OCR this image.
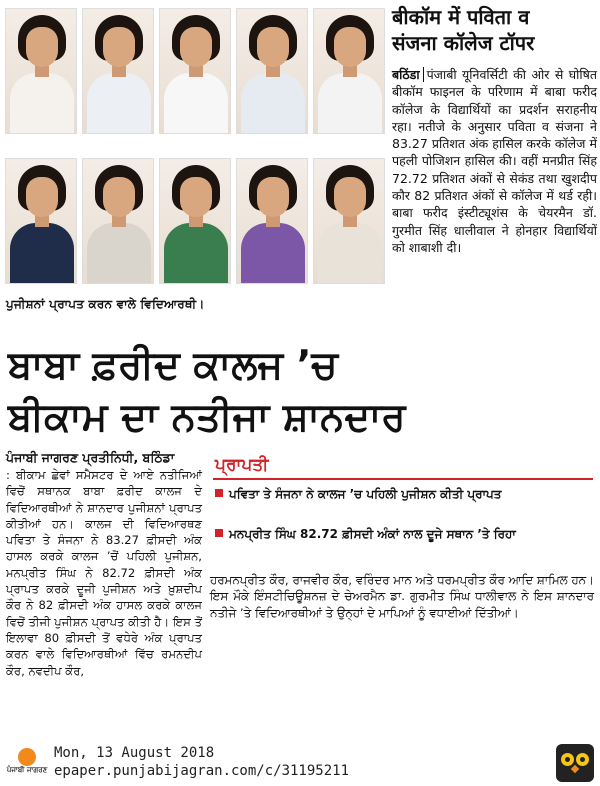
ਪੁਜੀਸ਼ਨਾਂ ਪ੍ਰਾਪਤ ਕਰਨ ਵਾਲੇ ਵਿਦਿਆਰਥੀ।
बीकॉम में पविता व
संजना कॉलेज टॉपर
बठिंडा पंजाबी यूनिवर्सिटी की ओर से घोषित बीकॉम फाइनल के परिणाम में बाबा फरीद कॉलेज के विद्यार्थियों का प्रदर्शन सराहनीय रहा। नतीजे के अनुसार पविता व संजना ने 83.27 प्रतिशत अंक हासिल करके कॉलेज में पहली पोजिशन हासिल की। वहीं मनप्रीत सिंह 72.72 प्रतिशत अंकों से सेकंड तथा खुशदीप कौर 82 प्रतिशत अंकों से कॉलेज में थर्ड रही। बाबा फरीद इंस्टीट्यूशंस के चेयरमैन डॉ. गुरमीत सिंह धालीवाल ने होनहार विद्यार्थियों को शाबाशी दी।
ਬਾਬਾ ਫ਼ਰੀਦ ਕਾਲਜ ’ਚ
ਬੀਕਾਮ ਦਾ ਨਤੀਜਾ ਸ਼ਾਨਦਾਰ
ਪੰਜਾਬੀ ਜਾਗਰਣ ਪ੍ਰਤੀਨਿਧੀ, ਬਠਿੰਡਾ
: ਬੀਕਾਮ ਛੇਵਾਂ ਸਮੈਸਟਰ ਦੇ ਆਏ ਨਤੀਜਿਆਂ ਵਿਚੋਂ ਸਥਾਨਕ ਬਾਬਾ ਫ਼ਰੀਦ ਕਾਲਜ ਦੇ ਵਿਦਿਆਰਥੀਆਂ ਨੇ ਸ਼ਾਨਦਾਰ ਪੁਜੀਸ਼ਨਾਂ ਪ੍ਰਾਪਤ ਕੀਤੀਆਂ ਹਨ। ਕਾਲਜ ਦੀ ਵਿਦਿਆਰਥਣ ਪਵਿਤਾ ਤੇ ਸੰਜਨਾ ਨੇ 83.27 ਫ਼ੀਸਦੀ ਅੰਕ ਹਾਸਲ ਕਰਕੇ ਕਾਲਜ ’ਚੋਂ ਪਹਿਲੀ ਪੁਜੀਸ਼ਨ, ਮਨਪ੍ਰੀਤ ਸਿੰਘ ਨੇ 82.72 ਫ਼ੀਸਦੀ ਅੰਕ ਪ੍ਰਾਪਤ ਕਰਕੇ ਦੂਜੀ ਪੁਜੀਸ਼ਨ ਅਤੇ ਖ਼ੁਸ਼ਦੀਪ ਕੌਰ ਨੇ 82 ਫ਼ੀਸਦੀ ਅੰਕ ਹਾਸਲ ਕਰਕੇ ਕਾਲਜ ਵਿਚੋਂ ਤੀਜੀ ਪੁਜੀਸ਼ਨ ਪ੍ਰਾਪਤ ਕੀਤੀ ਹੈ। ਇਸ ਤੋਂ ਇਲਾਵਾ 80 ਫ਼ੀਸਦੀ ਤੋਂ ਵਧੇਰੇ ਅੰਕ ਪ੍ਰਾਪਤ ਕਰਨ ਵਾਲੇ ਵਿਦਿਆਰਥੀਆਂ ਵਿੱਚ ਰਮਨਦੀਪ ਕੌਰ, ਨਵਦੀਪ ਕੌਰ,
ਪ੍ਰਾਪਤੀ
ਪਵਿਤਾ ਤੇ ਸੰਜਨਾ ਨੇ ਕਾਲਜ ’ਚ ਪਹਿਲੀ ਪੁਜੀਸ਼ਨ ਕੀਤੀ ਪ੍ਰਾਪਤ
ਮਨਪ੍ਰੀਤ ਸਿੰਘ 82.72 ਫ਼ੀਸਦੀ ਅੰਕਾਂ ਨਾਲ ਦੂਜੇ ਸਥਾਨ ’ਤੇ ਰਿਹਾ
ਹਰਮਨਪ੍ਰੀਤ ਕੌਰ, ਰਾਜਵੀਰ ਕੌਰ, ਵਰਿੰਦਰ ਮਾਨ ਅਤੇ ਧਰਮਪ੍ਰੀਤ ਕੌਰ ਆਦਿ ਸ਼ਾਮਿਲ ਹਨ। ਇਸ ਮੌਕੇ ਇੰਸਟੀਚਿਊਸ਼ਨਜ਼ ਦੇ ਚੇਅਰਮੈਨ ਡਾ. ਗੁਰਮੀਤ ਸਿੰਘ ਧਾਲੀਵਾਲ ਨੇ ਇਸ ਸ਼ਾਨਦਾਰ ਨਤੀਜੇ ’ਤੇ ਵਿਦਿਆਰਥੀਆਂ ਤੇ ਉਨ੍ਹਾਂ ਦੇ ਮਾਪਿਆਂ ਨੂੰ ਵਧਾਈਆਂ ਦਿੱਤੀਆਂ।
ਪੰਜਾਬੀ ਜਾਗਰਣ
Mon, 13 August 2018
epaper.punjabijagran.com/c/31195211
